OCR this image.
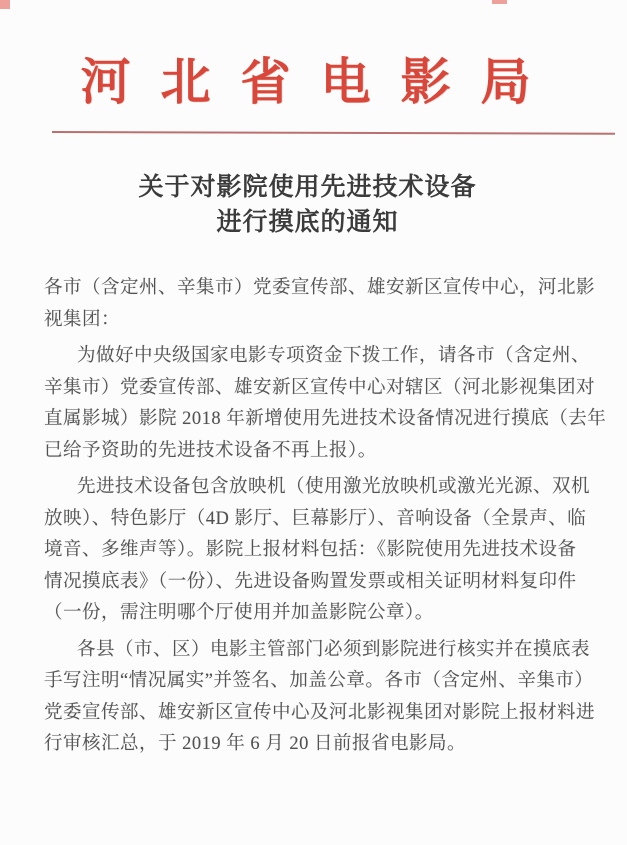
河北省电影局
关于对影院使用先进技术设备
进行摸底的通知
各市（含定州、辛集市）党委宣传部、雄安新区宣传中心，河北影
视集团：
为做好中央级国家电影专项资金下拨工作，请各市（含定州、
辛集市）党委宣传部、雄安新区宣传中心对辖区（河北影视集团对
直属影城）影院 2018 年新增使用先进技术设备情况进行摸底（去年
已给予资助的先进技术设备不再上报）。
先进技术设备包含放映机（使用激光放映机或激光光源、双机
放映）、特色影厅（4D 影厅、巨幕影厅）、音响设备（全景声、临
境音、多维声等）。影院上报材料包括：《影院使用先进技术设备
情况摸底表》（一份）、先进设备购置发票或相关证明材料复印件
（一份，需注明哪个厅使用并加盖影院公章）。
各县（市、区）电影主管部门必须到影院进行核实并在摸底表
手写注明“情况属实”并签名、加盖公章。各市（含定州、辛集市）
党委宣传部、雄安新区宣传中心及河北影视集团对影院上报材料进
行审核汇总，于 2019 年 6 月 20 日前报省电影局。
